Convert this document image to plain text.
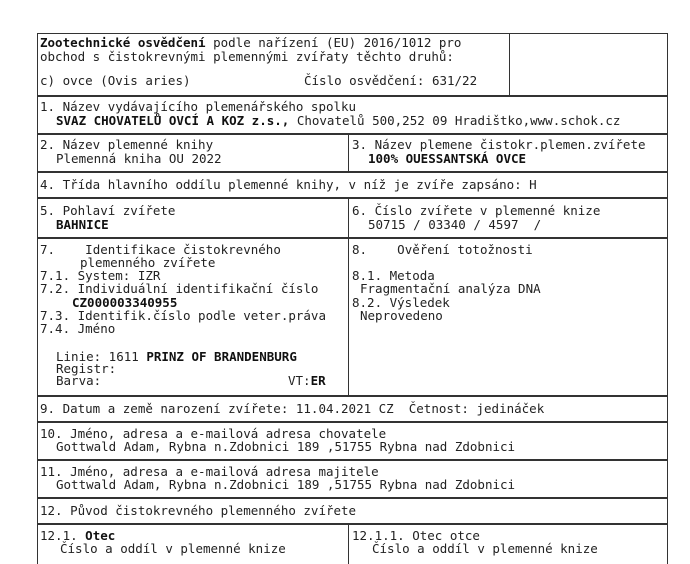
Zootechnické osvědčení podle nařízení (EU) 2016/1012 pro
obchod s čistokrevnými plemennými zvířaty těchto druhů:
c) ovce (Ovis aries)	Číslo osvědčení: 631/22
1. Název vydávajícího plemenářského spolku
SVAZ CHOVATELŮ OVCÍ A KOZ z.s., Chovatelů 500,252 09 Hradištko,www.schok.cz
2. Název plemenné knihy
Plemenná kniha OU 2022
3. Název plemene čistokr.plemen.zvířete
100% OUESSANTSKÁ OVCE
4. Třída hlavního oddílu plemenné knihy, v níž je zvíře zapsáno: H
5. Pohlaví zvířete
BAHNICE
6. Číslo zvířete v plemenné knize
50715 / 03340 / 4597  /
7. Identifikace čistokrevného
plemenného zvířete
7.1. System: IZR
7.2. Individuální identifikační číslo
CZ000003340955
7.3. Identifik.číslo podle veter.práva
7.4. Jméno
Linie: 1611 PRINZ OF BRANDENBURG
Registr:
Barva:	VT:ER
8. Ověření totožnosti
8.1. Metoda
Fragmentační analýza DNA
8.2. Výsledek
Neprovedeno
9. Datum a země narození zvířete: 11.04.2021 CZ  Četnost: jedináček
10. Jméno, adresa a e-mailová adresa chovatele
Gottwald Adam, Rybna n.Zdobnici 189 ,51755 Rybna nad Zdobnici
11. Jméno, adresa a e-mailová adresa majitele
Gottwald Adam, Rybna n.Zdobnici 189 ,51755 Rybna nad Zdobnici
12. Původ čistokrevného plemenného zvířete
12.1. Otec
Číslo a oddíl v plemenné knize
12.1.1. Otec otce
Číslo a oddíl v plemenné knize
